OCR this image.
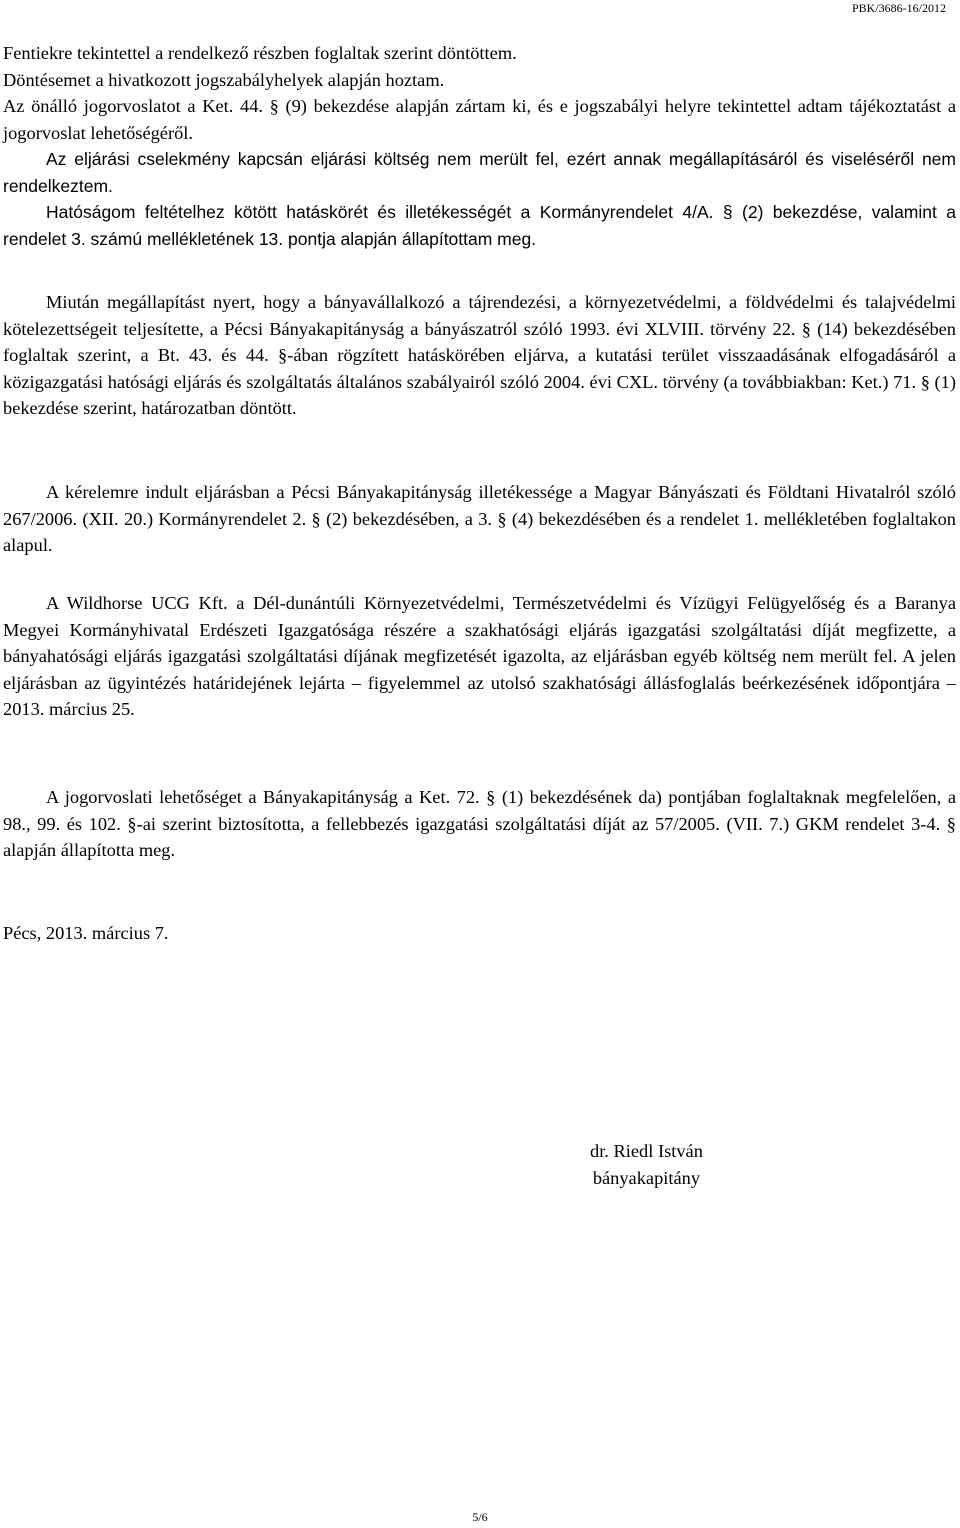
PBK/3686-16/2012

Fentiekre tekintettel a rendelkező részben foglaltak szerint döntöttem.

Döntésemet a hivatkozott jogszabályhelyek alapján hoztam.

Az önálló jogorvoslatot a Ket. 44. § (9) bekezdése alapján zártam ki, és e jogszabályi helyre tekintettel adtam tájékoztatást a jogorvoslat lehetőségéről.

Az eljárási cselekmény kapcsán eljárási költség nem merült fel, ezért annak megállapításáról és viseléséről nem rendelkeztem.

Hatóságom feltételhez kötött hatáskörét és illetékességét a Kormányrendelet 4/A. § (2) bekezdése, valamint a rendelet 3. számú mellékletének 13. pontja alapján állapítottam meg.

Miután megállapítást nyert, hogy a bányavállalkozó a tájrendezési, a környezetvédelmi, a földvédelmi és talajvédelmi kötelezettségeit teljesítette, a Pécsi Bányakapitányság a bányászatról szóló 1993. évi XLVIII. törvény 22. § (14) bekezdésében foglaltak szerint, a Bt. 43. és 44. §-ában rögzített hatáskörében eljárva, a kutatási terület visszaadásának elfogadásáról a közigazgatási hatósági eljárás és szolgáltatás általános szabályairól szóló 2004. évi CXL. törvény (a továbbiakban: Ket.) 71. § (1) bekezdése szerint, határozatban döntött.

A kérelemre indult eljárásban a Pécsi Bányakapitányság illetékessége a Magyar Bányászati és Földtani Hivatalról szóló 267/2006. (XII. 20.) Kormányrendelet 2. § (2) bekezdésében, a 3. § (4) bekezdésében és a rendelet 1. mellékletében foglaltakon alapul.

A Wildhorse UCG Kft. a Dél-dunántúli Környezetvédelmi, Természetvédelmi és Vízügyi Felügyelőség és a Baranya Megyei Kormányhivatal Erdészeti Igazgatósága részére a szakhatósági eljárás igazgatási szolgáltatási díját megfizette, a bányahatósági eljárás igazgatási szolgáltatási díjának megfizetését igazolta, az eljárásban egyéb költség nem merült fel. A jelen eljárásban az ügyintézés határidejének lejárta – figyelemmel az utolsó szakhatósági állásfoglalás beérkezésének időpontjára – 2013. március 25.

A jogorvoslati lehetőséget a Bányakapitányság a Ket. 72. § (1) bekezdésének da) pontjában foglaltaknak megfelelően, a 98., 99. és 102. §-ai szerint biztosította, a fellebbezés igazgatási szolgáltatási díját az 57/2005. (VII. 7.) GKM rendelet 3-4. § alapján állapította meg.

Pécs, 2013. március 7.

dr. Riedl István
bányakapitány
5/6
